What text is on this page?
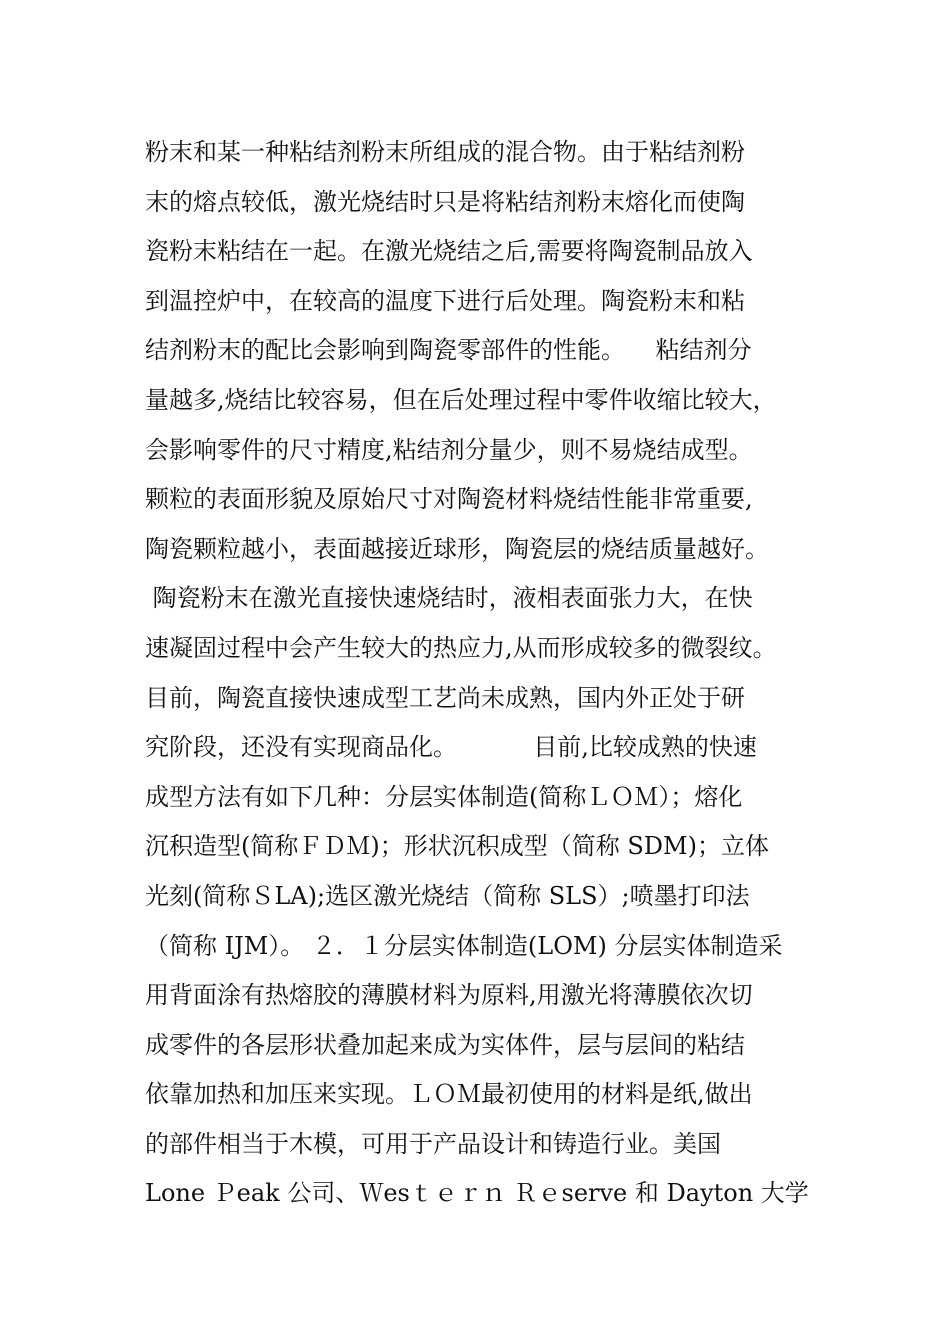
粉末和某一种粘结剂粉末所组成的混合物。由于粘结剂粉
末的熔点较低，激光烧结时只是将粘结剂粉末熔化而使陶
瓷粉末粘结在一起。在激光烧结之后,需要将陶瓷制品放入
到温控炉中，在较高的温度下进行后处理。陶瓷粉末和粘
结剂粉末的配比会影响到陶瓷零部件的性能。    粘结剂分
量越多,烧结比较容易，但在后处理过程中零件收缩比较大，
会影响零件的尺寸精度,粘结剂分量少，则不易烧结成型。
颗粒的表面形貌及原始尺寸对陶瓷材料烧结性能非常重要,
陶瓷颗粒越小，表面越接近球形，陶瓷层的烧结质量越好。
陶瓷粉末在激光直接快速烧结时，液相表面张力大，在快
速凝固过程中会产生较大的热应力,从而形成较多的微裂纹。
目前，陶瓷直接快速成型工艺尚未成熟，国内外正处于研
究阶段，还没有实现商品化。          目前,比较成熟的快速
成型方法有如下几种：分层实体制造(简称ＬＯＭ）；熔化
沉积造型(简称ＦＤＭ)；形状沉积成型（简称 SDM)；立体
光刻(简称ＳLA);选区激光烧结（简称 SLS）;喷墨打印法
（简称 IJM）。 ２．１分层实体制造(LOM) 分层实体制造采
用背面涂有热熔胶的薄膜材料为原料,用激光将薄膜依次切
成零件的各层形状叠加起来成为实体件，层与层间的粘结
依靠加热和加压来实现。ＬＯＭ最初使用的材料是纸,做出
的部件相当于木模，可用于产品设计和铸造行业。美国
Lone Ｐeak 公司、Ｗesｔｅｒｎ Ｒｅserve 和 Dayton 大学
